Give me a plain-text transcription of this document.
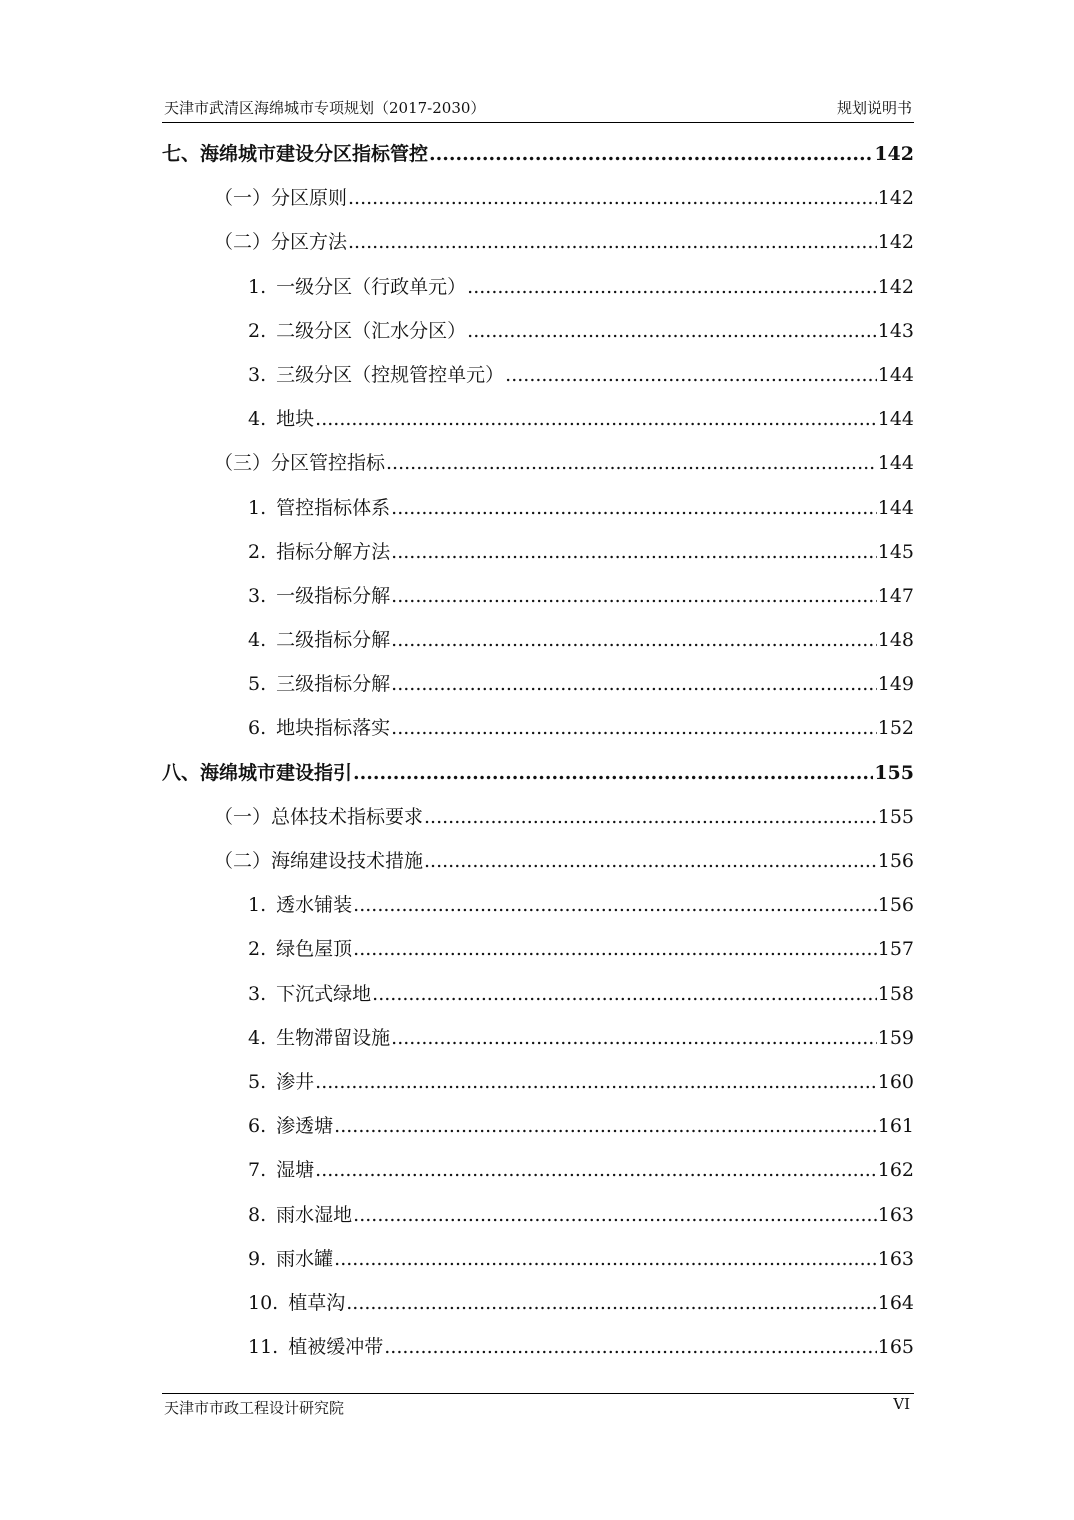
天津市武清区海绵城市专项规划（2017-2030）	规划说明书
七、海绵城市建设分区指标管控 .....	142
（一）分区原则 .....	142
（二）分区方法 .....	142
1. 一级分区（行政单元） .....	142
2. 二级分区（汇水分区） .....	143
3. 三级分区（控规管控单元） .....	144
4. 地块 .....	144
（三）分区管控指标 .....	144
1. 管控指标体系 .....	144
2. 指标分解方法 .....	145
3. 一级指标分解 .....	147
4. 二级指标分解 .....	148
5. 三级指标分解 .....	149
6. 地块指标落实 .....	152
八、海绵城市建设指引 .....	155
（一）总体技术指标要求 .....	155
（二）海绵建设技术措施 .....	156
1. 透水铺装 .....	156
2. 绿色屋顶 .....	157
3. 下沉式绿地 .....	158
4. 生物滞留设施 .....	159
5. 渗井 .....	160
6. 渗透塘 .....	161
7. 湿塘 .....	162
8. 雨水湿地 .....	163
9. 雨水罐 .....	163
10. 植草沟 .....	164
11. 植被缓冲带 .....	165
天津市市政工程设计研究院	VI
